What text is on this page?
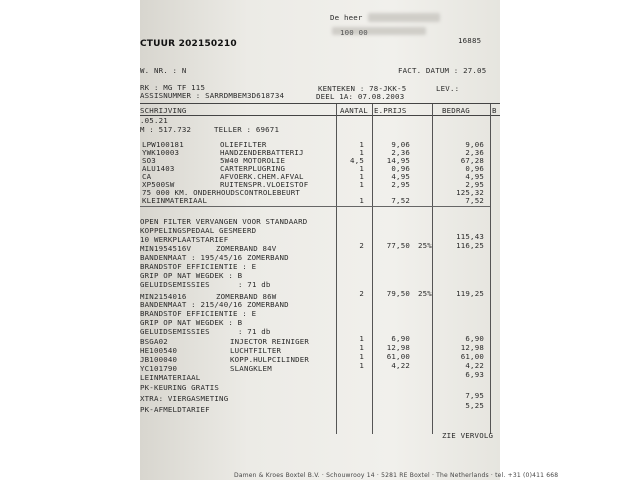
De heer
100 00
16885
CTUUR 202150210
W. NR. : N	FACT. DATUM : 27.05
RK : MG TF 115
ASSISNUMMER : SARRDMBEM3D618734
KENTEKEN : 78-JKK-5	LEV.:
DEEL 1A: 07.08.2003
SCHRIJVING	AANTAL E.PRIJS	BEDRAG	B
.05.21
M : 517.732	TELLER : 69671
LPW100181	OLIEFILTER	1	9,06	9,06
YWK10003	HANDZENDERBATTERIJ	1	2,36	2,36
SO3	5W40 MOTOROLIE	4,5	14,95	67,28
ALU1403	CARTERPLUGRING	1	0,96	0,96
CA	AFVOERK.CHEM.AFVAL	1	4,95	4,95
XP500SW	RUITENSPR.VLOEISTOF	1	2,95	2,95
75 000 KM. ONDERHOUDSCONTROLEBEURT	125,32
KLEINMATERIAAL	1	7,52	7,52
OPEN FILTER VERVANGEN VOOR STANDAARD
KOPPELINGSPEDAAL GESMEERD
10 WERKPLAATSTARIEF	115,43
MIN1954516V	ZOMERBAND 84V	2	77,50 25%	116,25
BANDENMAAT : 195/45/16 ZOMERBAND
BRANDSTOF EFFICIENTIE : E
GRIP OP NAT WEGDEK : B
GELUIDSEMISSIES	: 71 db
MIN2154016	ZOMERBAND 86W	2	79,50 25%	119,25
BANDENMAAT : 215/40/16 ZOMERBAND
BRANDSTOF EFFICIENTIE : E
GRIP OP NAT WEGDEK : B
GELUIDSEMISSIES	: 71 db
BSGA02	INJECTOR REINIGER	1	6,90	6,90
HE100540	LUCHTFILTER	1	12,98	12,98
JB100040	KOPP.HULPCILINDER	1	61,00	61,00
YC101790	SLANGKLEM	1	4,22	4,22
LEINMATERIAAL	6,93
PK-KEURING GRATIS
XTRA: VIERGASMETING	7,95
PK-AFMELDTARIEF	5,25
ZIE VERVOLG
Damen & Kroes Boxtel B.V. · Schouwrooy 14 · 5281 RE Boxtel · The Netherlands · tel. +31 (0)411 668
